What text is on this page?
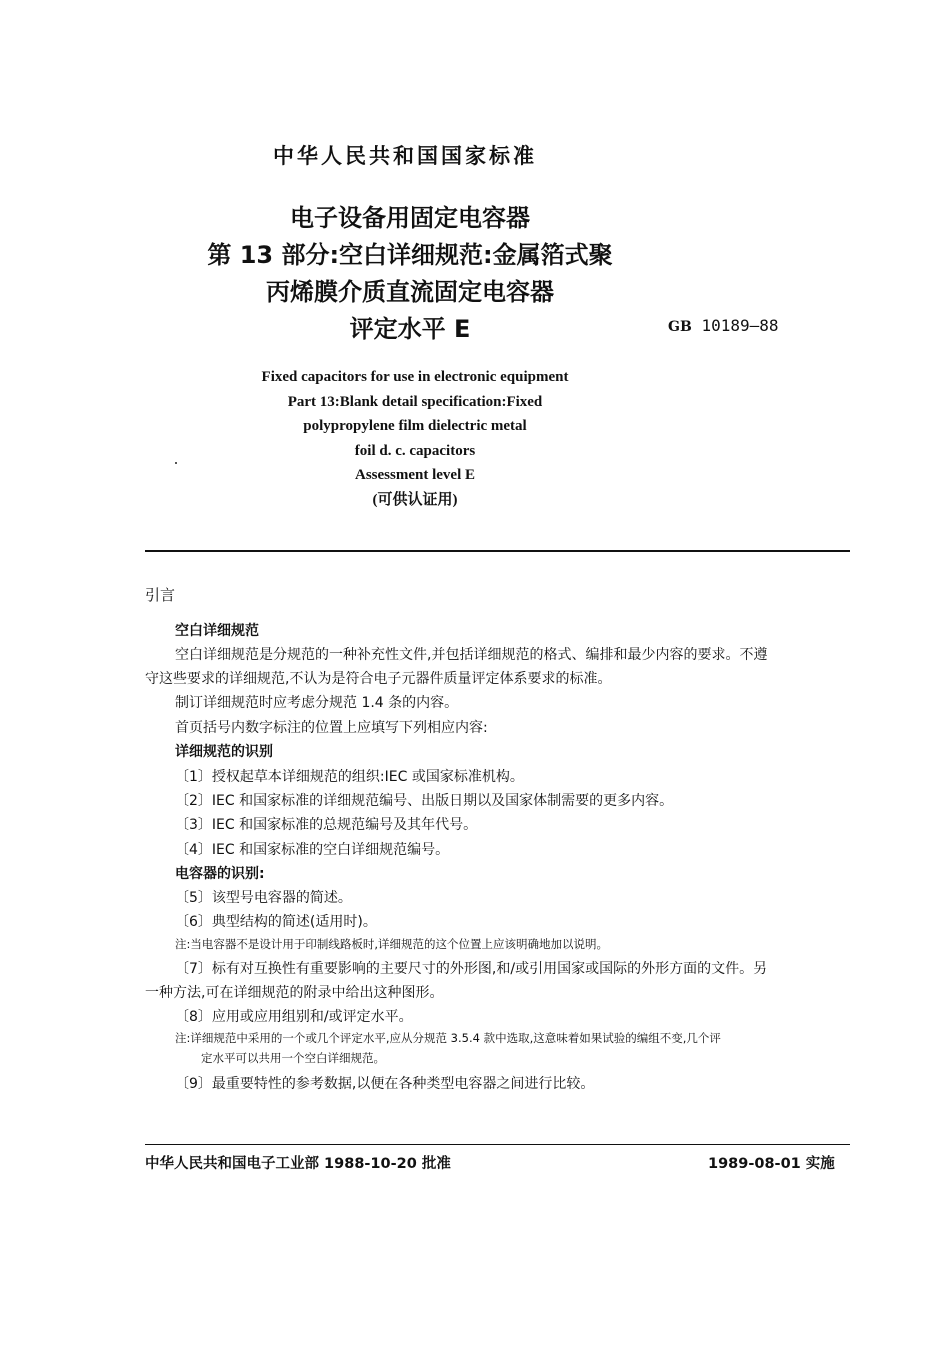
中华人民共和国国家标准
电子设备用固定电容器
第 13 部分:空白详细规范:金属箔式聚
丙烯膜介质直流固定电容器
评定水平 E	GB 10189—88
Fixed capacitors for use in electronic equipment
Part 13:Blank detail specification:Fixed
polypropylene film dielectric metal
foil d. c. capacitors
Assessment level E
(可供认证用)
引言
空白详细规范
空白详细规范是分规范的一种补充性文件,并包括详细规范的格式、编排和最少内容的要求。不遵
守这些要求的详细规范,不认为是符合电子元器件质量评定体系要求的标准。
制订详细规范时应考虑分规范 1.4 条的内容。
首页括号内数字标注的位置上应填写下列相应内容:
详细规范的识别
〔1〕授权起草本详细规范的组织:IEC 或国家标准机构。
〔2〕IEC 和国家标准的详细规范编号、出版日期以及国家体制需要的更多内容。
〔3〕IEC 和国家标准的总规范编号及其年代号。
〔4〕IEC 和国家标准的空白详细规范编号。
电容器的识别:
〔5〕该型号电容器的简述。
〔6〕典型结构的简述(适用时)。
注:当电容器不是设计用于印制线路板时,详细规范的这个位置上应该明确地加以说明。
〔7〕标有对互换性有重要影响的主要尺寸的外形图,和/或引用国家或国际的外形方面的文件。另
一种方法,可在详细规范的附录中给出这种图形。
〔8〕应用或应用组别和/或评定水平。
注:详细规范中采用的一个或几个评定水平,应从分规范 3.5.4 款中选取,这意味着如果试验的编组不变,几个评
定水平可以共用一个空白详细规范。
〔9〕最重要特性的参考数据,以便在各种类型电容器之间进行比较。
中华人民共和国电子工业部 1988-10-20 批准	1989-08-01 实施
